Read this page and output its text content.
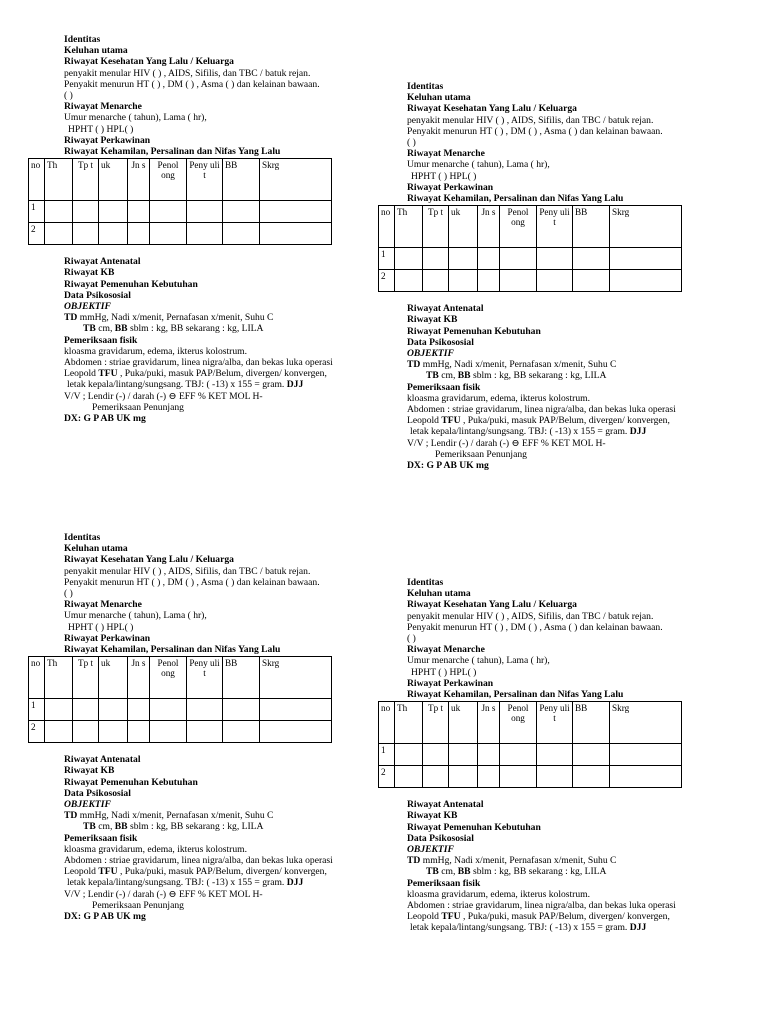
Identitas
Keluhan utama
Riwayat Kesehatan Yang Lalu / Keluarga
penyakit menular HIV ( ) , AIDS, Sifilis, dan TBC / batuk rejan.
Penyakit menurun HT ( ) , DM ( ) , Asma ( ) dan kelainan bawaan.
( )
Riwayat Menarche
Umur menarche ( tahun), Lama ( hr),
HPHT ( ) HPL( )
Riwayat Perkawinan
Riwayat Kehamilan, Persalinan dan Nifas Yang Lalu
no	Th	Tp t	uk	Jn s	Penol ong	Peny uli t	BB	Skrg
1								
2								
Riwayat Antenatal
Riwayat KB
Riwayat Pemenuhan Kebutuhan
Data Psikososial
OBJEKTIF
TD mmHg, Nadi x/menit, Pernafasan x/menit, Suhu C
TB cm, BB sblm : kg, BB sekarang : kg, LILA
Pemeriksaan fisik
kloasma gravidarum, edema, ikterus kolostrum.
Abdomen : striae gravidarum, linea nigra/alba, dan bekas luka operasi
Leopold TFU , Puka/puki, masuk PAP/Belum, divergen/ konvergen,
letak kepala/lintang/sungsang. TBJ: ( -13) x 155 = gram. DJJ
V/V ; Lendir (-) / darah (-) ⊖ EFF % KET MOL H-
Pemeriksaan Penunjang
DX: G P AB UK mg
Identitas
Keluhan utama
Riwayat Kesehatan Yang Lalu / Keluarga
penyakit menular HIV ( ) , AIDS, Sifilis, dan TBC / batuk rejan.
Penyakit menurun HT ( ) , DM ( ) , Asma ( ) dan kelainan bawaan.
( )
Riwayat Menarche
Umur menarche ( tahun), Lama ( hr),
HPHT ( ) HPL( )
Riwayat Perkawinan
Riwayat Kehamilan, Persalinan dan Nifas Yang Lalu
no	Th	Tp t	uk	Jn s	Penol ong	Peny uli t	BB	Skrg
1								
2								
Riwayat Antenatal
Riwayat KB
Riwayat Pemenuhan Kebutuhan
Data Psikososial
OBJEKTIF
TD mmHg, Nadi x/menit, Pernafasan x/menit, Suhu C
TB cm, BB sblm : kg, BB sekarang : kg, LILA
Pemeriksaan fisik
kloasma gravidarum, edema, ikterus kolostrum.
Abdomen : striae gravidarum, linea nigra/alba, dan bekas luka operasi
Leopold TFU , Puka/puki, masuk PAP/Belum, divergen/ konvergen,
letak kepala/lintang/sungsang. TBJ: ( -13) x 155 = gram. DJJ
V/V ; Lendir (-) / darah (-) ⊖ EFF % KET MOL H-
Pemeriksaan Penunjang
DX: G P AB UK mg
Identitas
Keluhan utama
Riwayat Kesehatan Yang Lalu / Keluarga
penyakit menular HIV ( ) , AIDS, Sifilis, dan TBC / batuk rejan.
Penyakit menurun HT ( ) , DM ( ) , Asma ( ) dan kelainan bawaan.
( )
Riwayat Menarche
Umur menarche ( tahun), Lama ( hr),
HPHT ( ) HPL( )
Riwayat Perkawinan
Riwayat Kehamilan, Persalinan dan Nifas Yang Lalu
no	Th	Tp t	uk	Jn s	Penol ong	Peny uli t	BB	Skrg
1								
2								
Riwayat Antenatal
Riwayat KB
Riwayat Pemenuhan Kebutuhan
Data Psikososial
OBJEKTIF
TD mmHg, Nadi x/menit, Pernafasan x/menit, Suhu C
TB cm, BB sblm : kg, BB sekarang : kg, LILA
Pemeriksaan fisik
kloasma gravidarum, edema, ikterus kolostrum.
Abdomen : striae gravidarum, linea nigra/alba, dan bekas luka operasi
Leopold TFU , Puka/puki, masuk PAP/Belum, divergen/ konvergen,
letak kepala/lintang/sungsang. TBJ: ( -13) x 155 = gram. DJJ
V/V ; Lendir (-) / darah (-) ⊖ EFF % KET MOL H-
Pemeriksaan Penunjang
DX: G P AB UK mg
Identitas
Keluhan utama
Riwayat Kesehatan Yang Lalu / Keluarga
penyakit menular HIV ( ) , AIDS, Sifilis, dan TBC / batuk rejan.
Penyakit menurun HT ( ) , DM ( ) , Asma ( ) dan kelainan bawaan.
( )
Riwayat Menarche
Umur menarche ( tahun), Lama ( hr),
HPHT ( ) HPL( )
Riwayat Perkawinan
Riwayat Kehamilan, Persalinan dan Nifas Yang Lalu
no	Th	Tp t	uk	Jn s	Penol ong	Peny uli t	BB	Skrg
1								
2								
Riwayat Antenatal
Riwayat KB
Riwayat Pemenuhan Kebutuhan
Data Psikososial
OBJEKTIF
TD mmHg, Nadi x/menit, Pernafasan x/menit, Suhu C
TB cm, BB sblm : kg, BB sekarang : kg, LILA
Pemeriksaan fisik
kloasma gravidarum, edema, ikterus kolostrum.
Abdomen : striae gravidarum, linea nigra/alba, dan bekas luka operasi
Leopold TFU , Puka/puki, masuk PAP/Belum, divergen/ konvergen,
letak kepala/lintang/sungsang. TBJ: ( -13) x 155 = gram. DJJ
